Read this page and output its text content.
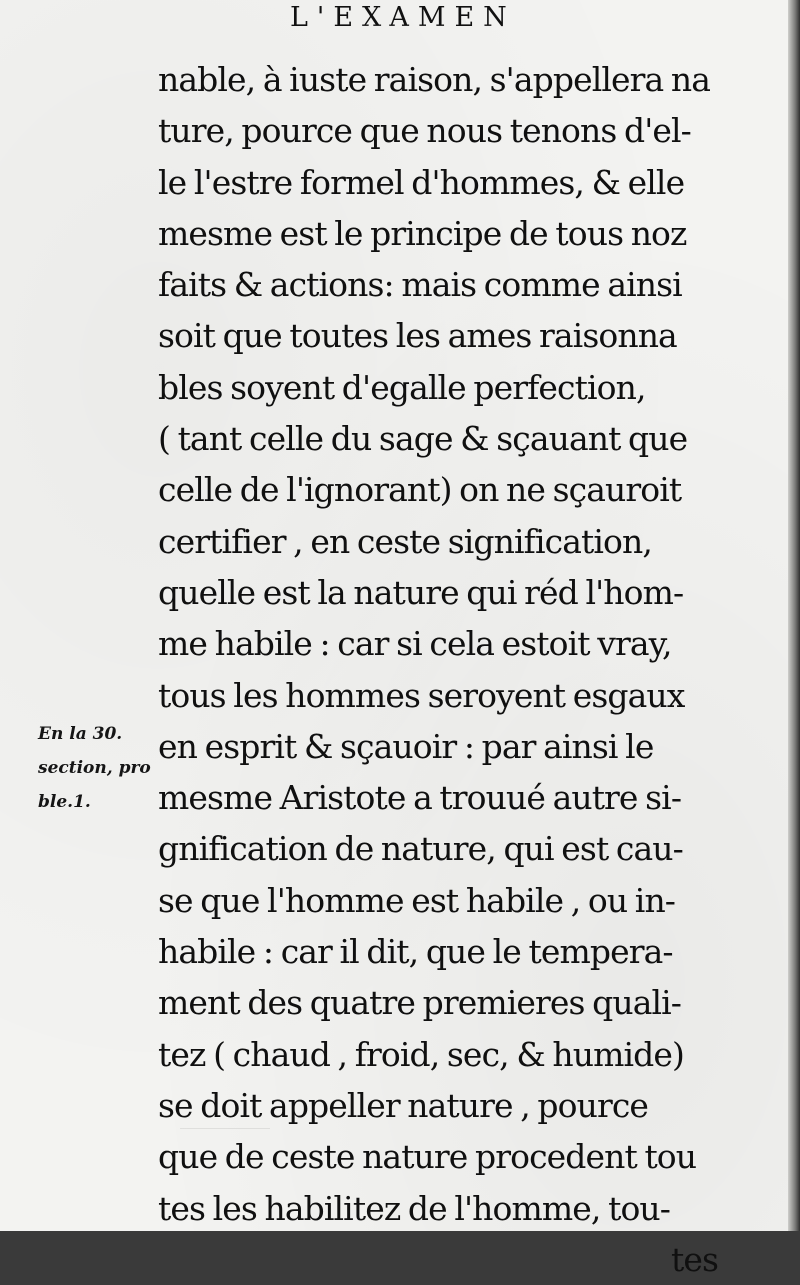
L'EXAMEN
En la 30.
section, pro
ble.1.
nable, à iuste raison, s'appellera na
ture, pource que nous tenons d'el-
le l'estre formel d'hommes, & elle
mesme est le principe de tous noz
faits & actions: mais comme ainsi
soit que toutes les ames raisonna
bles soyent d'egalle perfection,
( tant celle du sage & sçauant que
celle de l'ignorant) on ne sçauroit
certifier , en ceste signification,
quelle est la nature qui réd l'hom-
me habile : car si cela estoit vray,
tous les hommes seroyent esgaux
en esprit & sçauoir : par ainsi le
mesme Aristote a trouué autre si-
gnification de nature, qui est cau-
se que l'homme est habile , ou in-
habile : car il dit, que le tempera-
ment des quatre premieres quali-
tez ( chaud , froid, sec, & humide)
se doit appeller nature , pource
que de ceste nature procedent tou
tes les habilitez de l'homme, tou-
tes
